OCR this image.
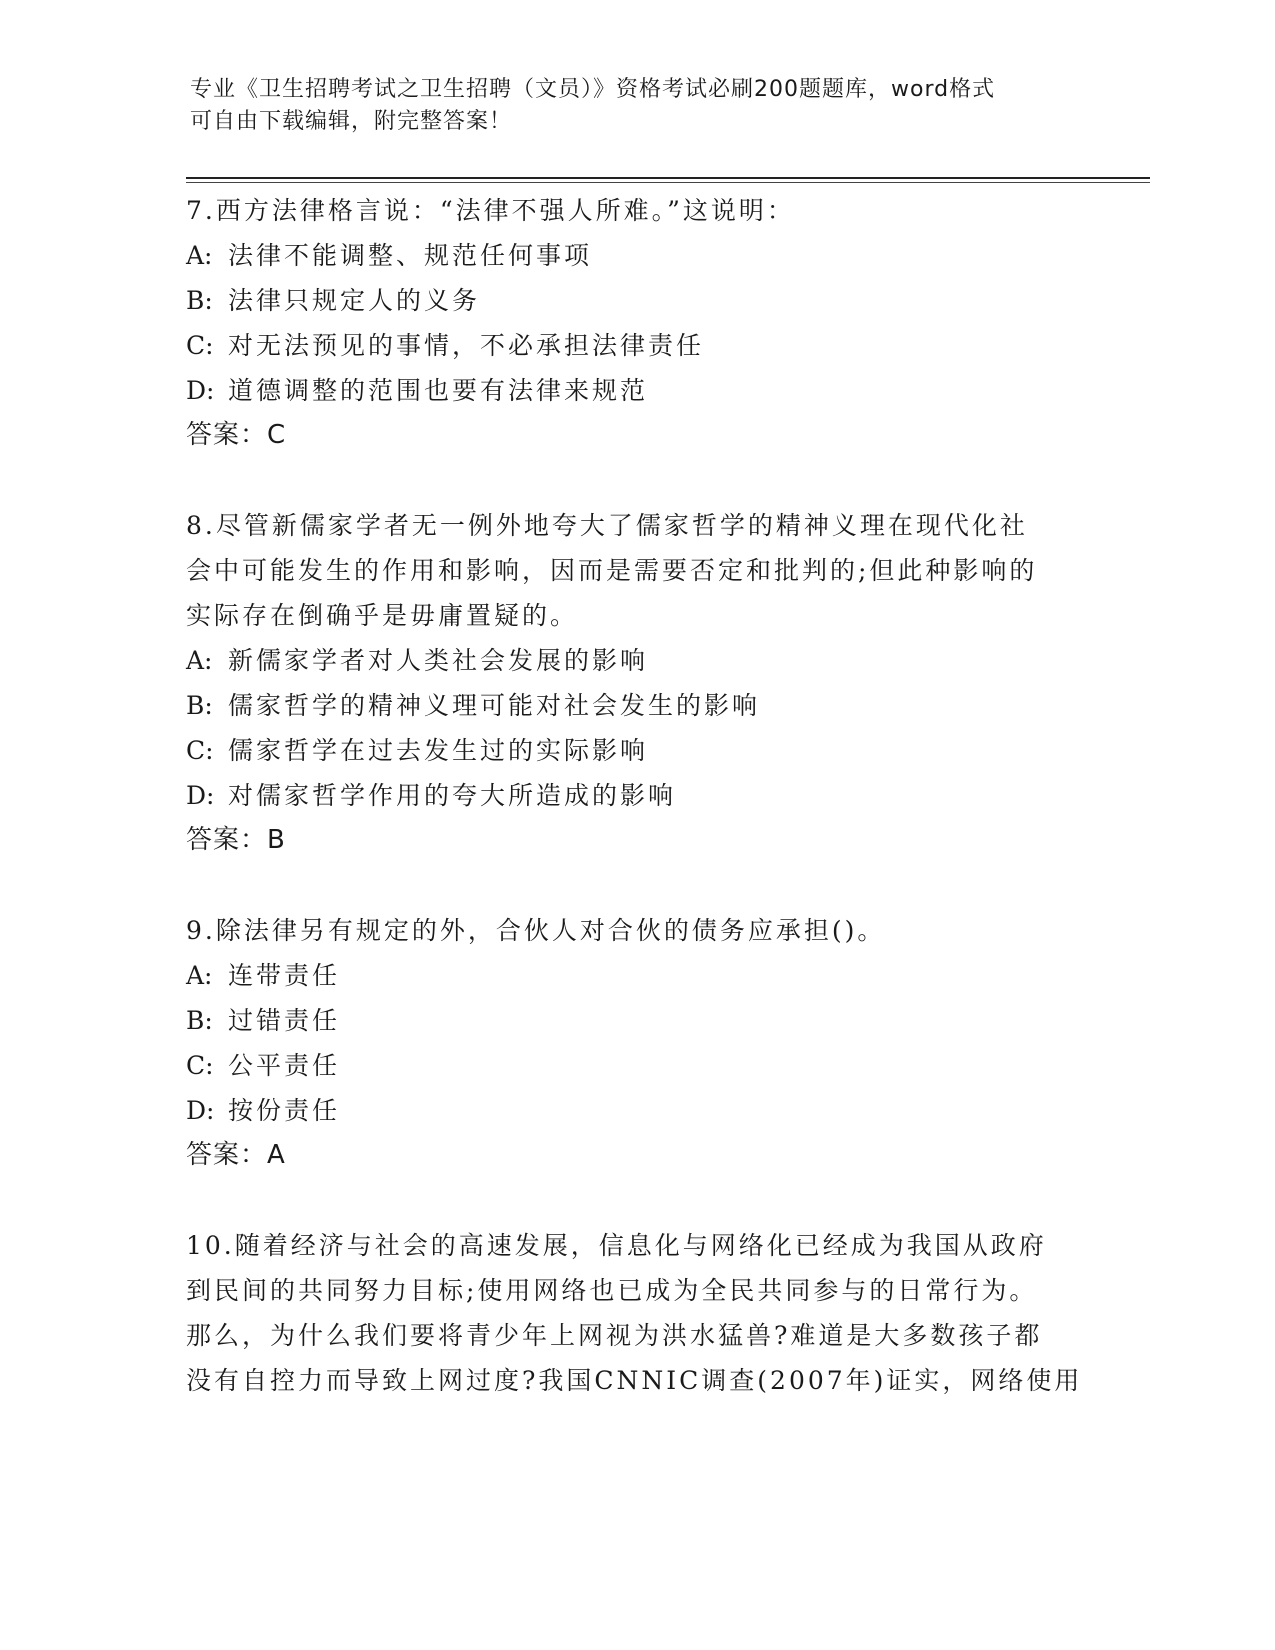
专业《卫生招聘考试之卫生招聘（文员）》资格考试必刷200题题库，word格式
可自由下载编辑，附完整答案！
7.西方法律格言说：“法律不强人所难。”这说明：
A: 法律不能调整、规范任何事项
B: 法律只规定人的义务
C: 对无法预见的事情，不必承担法律责任
D: 道德调整的范围也要有法律来规范
答案：C
8.尽管新儒家学者无一例外地夸大了儒家哲学的精神义理在现代化社
会中可能发生的作用和影响，因而是需要否定和批判的;但此种影响的
实际存在倒确乎是毋庸置疑的。
A: 新儒家学者对人类社会发展的影响
B: 儒家哲学的精神义理可能对社会发生的影响
C: 儒家哲学在过去发生过的实际影响
D: 对儒家哲学作用的夸大所造成的影响
答案：B
9.除法律另有规定的外，合伙人对合伙的债务应承担()。
A: 连带责任
B: 过错责任
C: 公平责任
D: 按份责任
答案：A
10.随着经济与社会的高速发展，信息化与网络化已经成为我国从政府
到民间的共同努力目标;使用网络也已成为全民共同参与的日常行为。
那么，为什么我们要将青少年上网视为洪水猛兽?难道是大多数孩子都
没有自控力而导致上网过度?我国CNNIC调查(2007年)证实，网络使用
